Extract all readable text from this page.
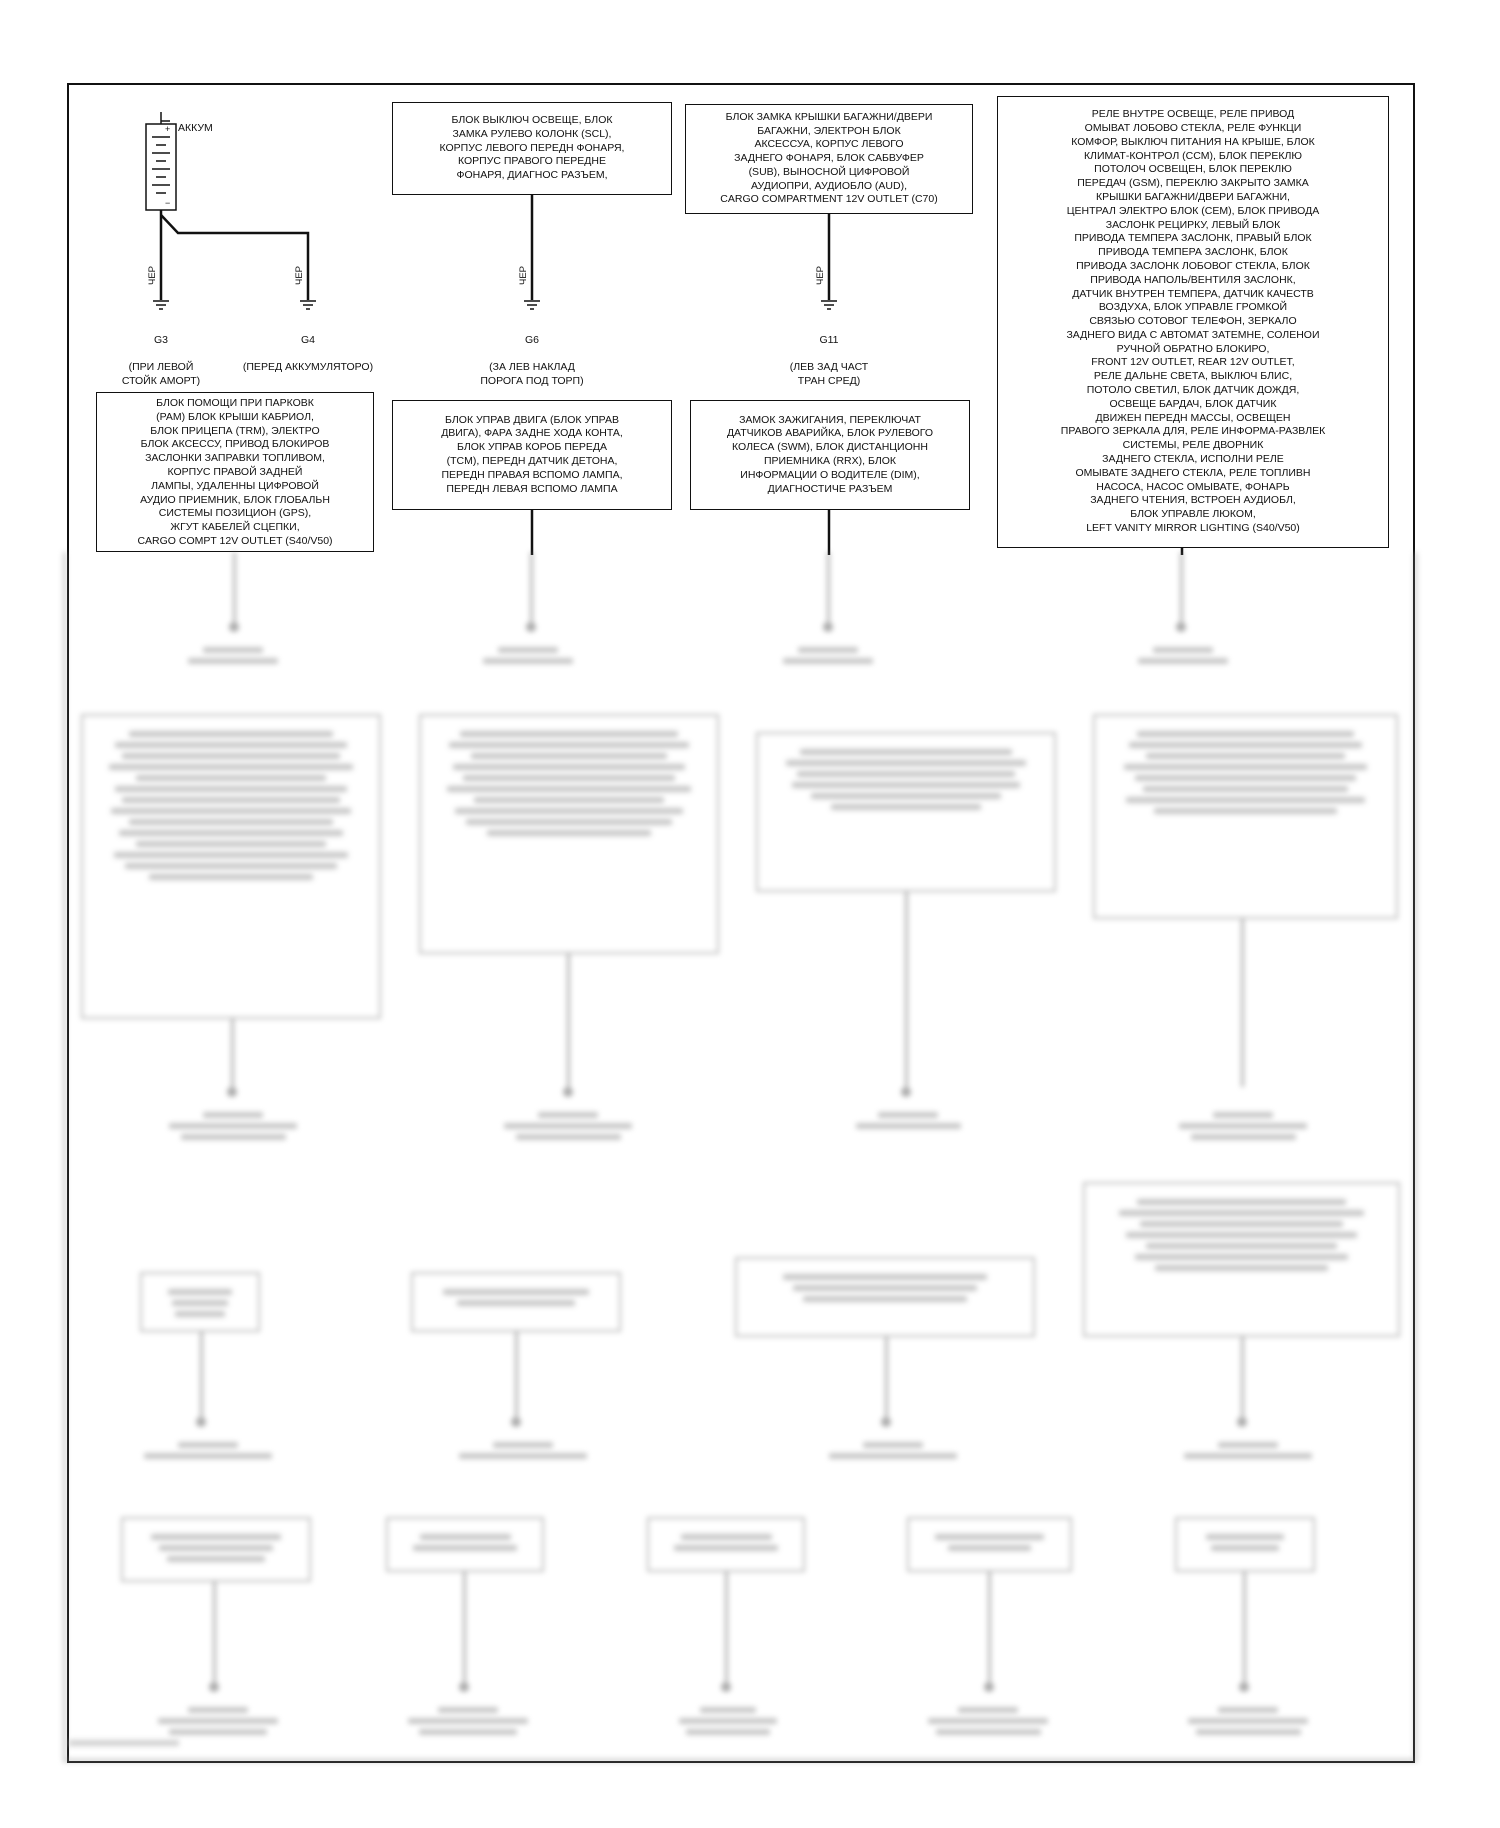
АККУМ
+
−
ЧЕР	ЧЕР	ЧЕР	ЧЕР

G3

(ПРИ ЛЕВОЙ
СТОЙК АМОРТ)

G4

(ПЕРЕД АККУМУЛЯТОРО)

G6

(ЗА ЛЕВ НАКЛАД
ПОРОГА ПОД ТОРП)

G11

(ЛЕВ ЗАД ЧАСТ
ТРАН СРЕД)

БЛОК ВЫКЛЮЧ ОСВЕЩЕ, БЛОК
ЗАМКА РУЛЕВО КОЛОНК (SCL),
КОРПУС ЛЕВОГО ПЕРЕДН ФОНАРЯ,
КОРПУС ПРАВОГО ПЕРЕДНЕ
ФОНАРЯ, ДИАГНОС РАЗЪЕМ,
БЛОК ЗАМКА КРЫШКИ БАГАЖНИ/ДВЕРИ
БАГАЖНИ, ЭЛЕКТРОН БЛОК
АКСЕССУА, КОРПУС ЛЕВОГО
ЗАДНЕГО ФОНАРЯ, БЛОК САБВУФЕР
(SUB), ВЫНОСНОЙ ЦИФРОВОЙ
АУДИОПРИ, АУДИОБЛО (AUD),
CARGO COMPARTMENT 12V OUTLET (C70)
РЕЛЕ ВНУТРЕ ОСВЕЩЕ, РЕЛЕ ПРИВОД
ОМЫВАТ ЛОБОВО СТЕКЛА, РЕЛЕ ФУНКЦИ
КОМФОР, ВЫКЛЮЧ ПИТАНИЯ НА КРЫШЕ, БЛОК
КЛИМАТ-КОНТРОЛ (CCM), БЛОК ПЕРЕКЛЮ
ПОТОЛОЧ ОСВЕЩЕН, БЛОК ПЕРЕКЛЮ
ПЕРЕДАЧ (GSM), ПЕРЕКЛЮ ЗАКРЫТО ЗАМКА
КРЫШКИ БАГАЖНИ/ДВЕРИ БАГАЖНИ,
ЦЕНТРАЛ ЭЛЕКТРО БЛОК (CEM), БЛОК ПРИВОДА
ЗАСЛОНК РЕЦИРКУ, ЛЕВЫЙ БЛОК
ПРИВОДА ТЕМПЕРА ЗАСЛОНК, ПРАВЫЙ БЛОК
ПРИВОДА ТЕМПЕРА ЗАСЛОНК, БЛОК
ПРИВОДА ЗАСЛОНК ЛОБОВОГ СТЕКЛА, БЛОК
ПРИВОДА НАПОЛЬ/ВЕНТИЛЯ ЗАСЛОНК,
ДАТЧИК ВНУТРЕН ТЕМПЕРА, ДАТЧИК КАЧЕСТВ
ВОЗДУХА, БЛОК УПРАВЛЕ ГРОМКОЙ
СВЯЗЬЮ СОТОВОГ ТЕЛЕФОН, ЗЕРКАЛО
ЗАДНЕГО ВИДА С АВТОМАТ ЗАТЕМНЕ, СОЛЕНОИ
РУЧНОЙ ОБРАТНО БЛОКИРО,
FRONT 12V OUTLET, REAR 12V OUTLET,
РЕЛЕ ДАЛЬНЕ СВЕТА, ВЫКЛЮЧ БЛИС,
ПОТОЛО СВЕТИЛ, БЛОК ДАТЧИК ДОЖДЯ,
ОСВЕЩЕ БАРДАЧ, БЛОК ДАТЧИК
ДВИЖЕН ПЕРЕДН МАССЫ, ОСВЕЩЕН
ПРАВОГО ЗЕРКАЛА ДЛЯ, РЕЛЕ ИНФОРМА-РАЗВЛЕК
СИСТЕМЫ, РЕЛЕ ДВОРНИК
ЗАДНЕГО СТЕКЛА, ИСПОЛНИ РЕЛЕ
ОМЫВАТЕ ЗАДНЕГО СТЕКЛА, РЕЛЕ ТОПЛИВН
НАСОСА, НАСОС ОМЫВАТЕ, ФОНАРЬ
ЗАДНЕГО ЧТЕНИЯ, ВСТРОЕН АУДИОБЛ,
БЛОК УПРАВЛЕ ЛЮКОМ,
LEFT VANITY MIRROR LIGHTING (S40/V50)
БЛОК ПОМОЩИ ПРИ ПАРКОВК
(PAM) БЛОК КРЫШИ КАБРИОЛ,
БЛОК ПРИЦЕПА (TRM), ЭЛЕКТРО
БЛОК АКСЕССУ, ПРИВОД БЛОКИРОВ
ЗАСЛОНКИ ЗАПРАВКИ ТОПЛИВОМ,
КОРПУС ПРАВОЙ ЗАДНЕЙ
ЛАМПЫ, УДАЛЕННЫ ЦИФРОВОЙ
АУДИО ПРИЕМНИК, БЛОК ГЛОБАЛЬН
СИСТЕМЫ ПОЗИЦИОН (GPS),
ЖГУТ КАБЕЛЕЙ СЦЕПКИ,
CARGO COMPT 12V OUTLET (S40/V50)
БЛОК УПРАВ ДВИГА (БЛОК УПРАВ
ДВИГА), ФАРА ЗАДНЕ ХОДА КОНТА,
БЛОК УПРАВ КОРОБ ПЕРЕДА
(TCM), ПЕРЕДН ДАТЧИК ДЕТОНА,
ПЕРЕДН ПРАВАЯ ВСПОМО ЛАМПА,
ПЕРЕДН ЛЕВАЯ ВСПОМО ЛАМПА
ЗАМОК ЗАЖИГАНИЯ, ПЕРЕКЛЮЧАТ
ДАТЧИКОВ АВАРИЙКА, БЛОК РУЛЕВОГО
КОЛЕСА (SWM), БЛОК ДИСТАНЦИОНН
ПРИЕМНИКА (RRX), БЛОК
ИНФОРМАЦИИ О ВОДИТЕЛЕ (DIM),
ДИАГНОСТИЧЕ РАЗЪЕМ
